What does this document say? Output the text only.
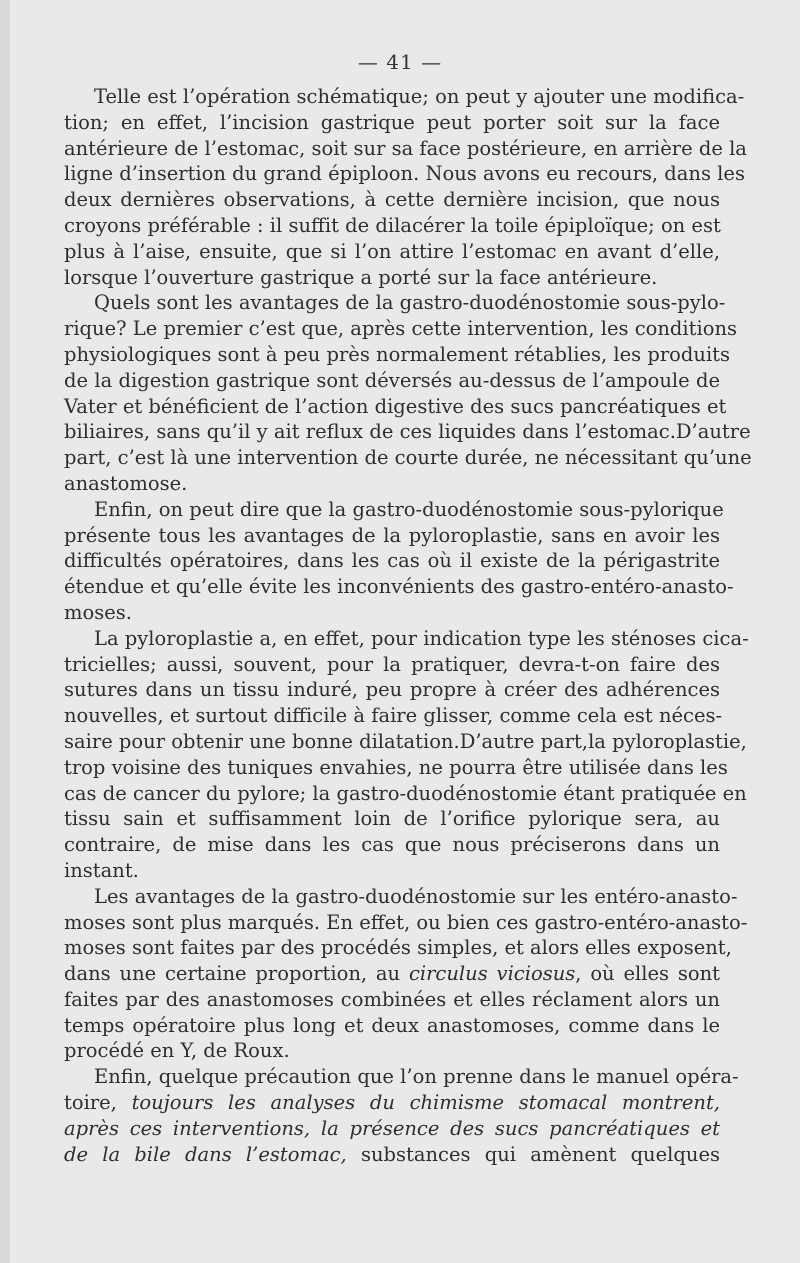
— 41 —
Telle est l’opération schématique; on peut y ajouter une modifica-
tion; en effet, l’incision gastrique peut porter soit sur la face
antérieure de l’estomac, soit sur sa face postérieure, en arrière de la
ligne d’insertion du grand épiploon. Nous avons eu recours, dans les
deux dernières observations, à cette dernière incision, que nous
croyons préférable : il suffit de dilacérer la toile épiploïque; on est
plus à l’aise, ensuite, que si l’on attire l’estomac en avant d’elle,
lorsque l’ouverture gastrique a porté sur la face antérieure.
Quels sont les avantages de la gastro-duodénostomie sous-pylo-
rique? Le premier c’est que, après cette intervention, les conditions
physiologiques sont à peu près normalement rétablies, les produits
de la digestion gastrique sont déversés au-dessus de l’ampoule de
Vater et bénéficient de l’action digestive des sucs pancréatiques et
biliaires, sans qu’il y ait reflux de ces liquides dans l’estomac.D’autre
part, c’est là une intervention de courte durée, ne nécessitant qu’une
anastomose.
Enfin, on peut dire que la gastro-duodénostomie sous-pylorique
présente tous les avantages de la pyloroplastie, sans en avoir les
difficultés opératoires, dans les cas où il existe de la périgastrite
étendue et qu’elle évite les inconvénients des gastro-entéro-anasto-
moses.
La pyloroplastie a, en effet, pour indication type les sténoses cica-
tricielles; aussi, souvent, pour la pratiquer, devra-t-on faire des
sutures dans un tissu induré, peu propre à créer des adhérences
nouvelles, et surtout difficile à faire glisser, comme cela est néces-
saire pour obtenir une bonne dilatation.D’autre part,la pyloroplastie,
trop voisine des tuniques envahies, ne pourra être utilisée dans les
cas de cancer du pylore; la gastro-duodénostomie étant pratiquée en
tissu sain et suffisamment loin de l’orifice pylorique sera, au
contraire, de mise dans les cas que nous préciserons dans un
instant.
Les avantages de la gastro-duodénostomie sur les entéro-anasto-
moses sont plus marqués. En effet, ou bien ces gastro-entéro-anasto-
moses sont faites par des procédés simples, et alors elles exposent,
dans une certaine proportion, au circulus viciosus, où elles sont
faites par des anastomoses combinées et elles réclament alors un
temps opératoire plus long et deux anastomoses, comme dans le
procédé en Y, de Roux.
Enfin, quelque précaution que l’on prenne dans le manuel opéra-
toire, toujours les analyses du chimisme stomacal montrent,
après ces interventions, la présence des sucs pancréatiques et
de la bile dans l’estomac, substances qui amènent quelques
